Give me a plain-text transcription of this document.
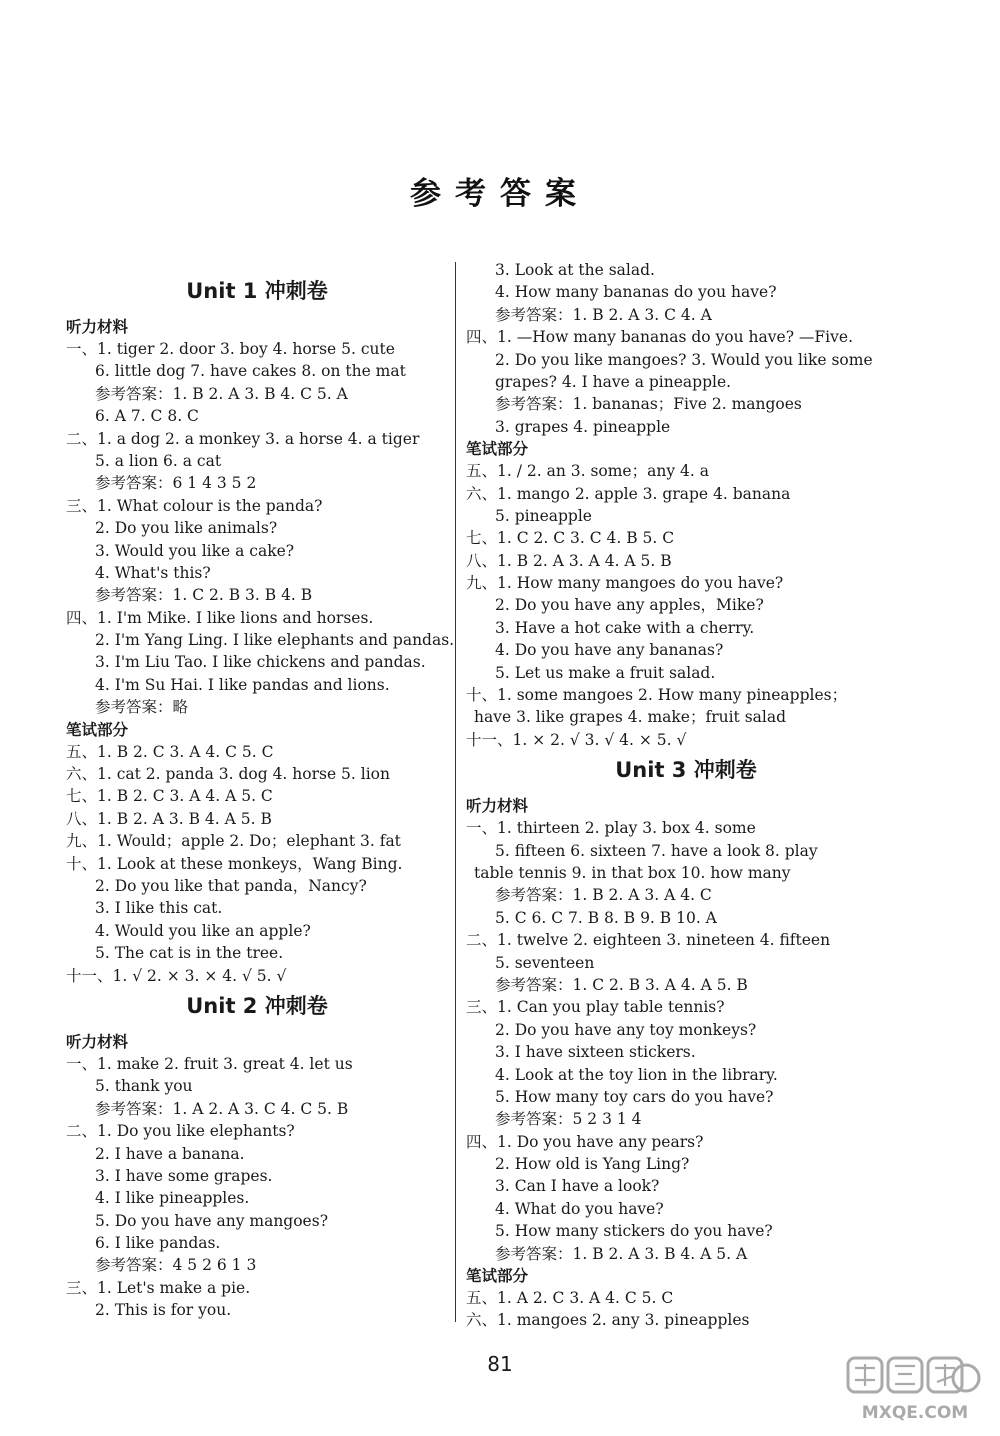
参考答案
Unit 1 冲刺卷
听力材料
一、1. tiger 2. door 3. boy 4. horse 5. cute
6. little dog 7. have cakes 8. on the mat
参考答案：1. B 2. A 3. B 4. C 5. A
6. A 7. C 8. C
二、1. a dog 2. a monkey 3. a horse 4. a tiger
5. a lion 6. a cat
参考答案：6 1 4 3 5 2
三、1. What colour is the panda?
2. Do you like animals?
3. Would you like a cake?
4. What's this?
参考答案：1. C 2. B 3. B 4. B
四、1. I'm Mike. I like lions and horses.
2. I'm Yang Ling. I like elephants and pandas.
3. I'm Liu Tao. I like chickens and pandas.
4. I'm Su Hai. I like pandas and lions.
参考答案：略
笔试部分
五、1. B 2. C 3. A 4. C 5. C
六、1. cat 2. panda 3. dog 4. horse 5. lion
七、1. B 2. C 3. A 4. A 5. C
八、1. B 2. A 3. B 4. A 5. B
九、1. Would；apple 2. Do；elephant 3. fat
十、1. Look at these monkeys，Wang Bing.
2. Do you like that panda，Nancy?
3. I like this cat.
4. Would you like an apple?
5. The cat is in the tree.
十一、1. √ 2. × 3. × 4. √ 5. √
Unit 2 冲刺卷
听力材料
一、1. make 2. fruit 3. great 4. let us
5. thank you
参考答案：1. A 2. A 3. C 4. C 5. B
二、1. Do you like elephants?
2. I have a banana.
3. I have some grapes.
4. I like pineapples.
5. Do you have any mangoes?
6. I like pandas.
参考答案：4 5 2 6 1 3
三、1. Let's make a pie.
2. This is for you.
3. Look at the salad.
4. How many bananas do you have?
参考答案：1. B 2. A 3. C 4. A
四、1. —How many bananas do you have? —Five.
2. Do you like mangoes? 3. Would you like some
grapes? 4. I have a pineapple.
参考答案：1. bananas；Five 2. mangoes
3. grapes 4. pineapple
笔试部分
五、1. / 2. an 3. some；any 4. a
六、1. mango 2. apple 3. grape 4. banana
5. pineapple
七、1. C 2. C 3. C 4. B 5. C
八、1. B 2. A 3. A 4. A 5. B
九、1. How many mangoes do you have?
2. Do you have any apples，Mike?
3. Have a hot cake with a cherry.
4. Do you have any bananas?
5. Let us make a fruit salad.
十、1. some mangoes 2. How many pineapples；
have 3. like grapes 4. make；fruit salad
十一、1. × 2. √ 3. √ 4. × 5. √
Unit 3 冲刺卷
听力材料
一、1. thirteen 2. play 3. box 4. some
5. fifteen 6. sixteen 7. have a look 8. play
table tennis 9. in that box 10. how many
参考答案：1. B 2. A 3. A 4. C
5. C 6. C 7. B 8. B 9. B 10. A
二、1. twelve 2. eighteen 3. nineteen 4. fifteen
5. seventeen
参考答案：1. C 2. B 3. A 4. A 5. B
三、1. Can you play table tennis?
2. Do you have any toy monkeys?
3. I have sixteen stickers.
4. Look at the toy lion in the library.
5. How many toy cars do you have?
参考答案：5 2 3 1 4
四、1. Do you have any pears?
2. How old is Yang Ling?
3. Can I have a look?
4. What do you have?
5. How many stickers do you have?
参考答案：1. B 2. A 3. B 4. A 5. A
笔试部分
五、1. A 2. C 3. A 4. C 5. C
六、1. mangoes 2. any 3. pineapples
81
MXQE.COM
